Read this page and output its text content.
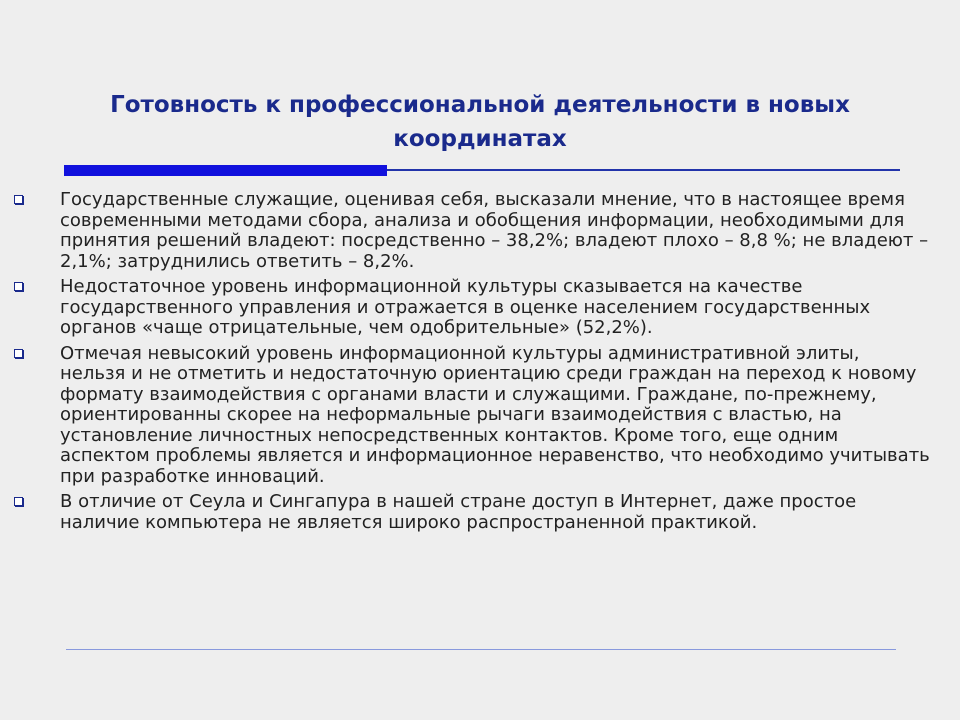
Готовность к профессиональной деятельности в новых координатах
Государственные служащие, оценивая себя, высказали мнение, что в настоящее время современными методами сбора, анализа и обобщения информации, необходимыми для принятия решений владеют: посредственно – 38,2%; владеют плохо – 8,8 %; не владеют – 2,1%; затруднились ответить – 8,2%.
Недостаточное уровень информационной культуры сказывается на качестве государственного управления и отражается в оценке населением государственных органов «чаще отрицательные, чем одобрительные» (52,2%).
Отмечая невысокий уровень информационной культуры административной элиты, нельзя и не отметить и недостаточную ориентацию среди граждан на переход к новому формату взаимодействия с органами власти и служащими. Граждане, по-прежнему, ориентированны скорее на неформальные рычаги взаимодействия с властью, на установление личностных непосредственных контактов. Кроме того, еще одним аспектом проблемы является и информационное неравенство, что необходимо учитывать при разработке инноваций.
В отличие от Сеула и Сингапура в нашей стране доступ в Интернет, даже простое наличие компьютера не является широко распространенной практикой.
